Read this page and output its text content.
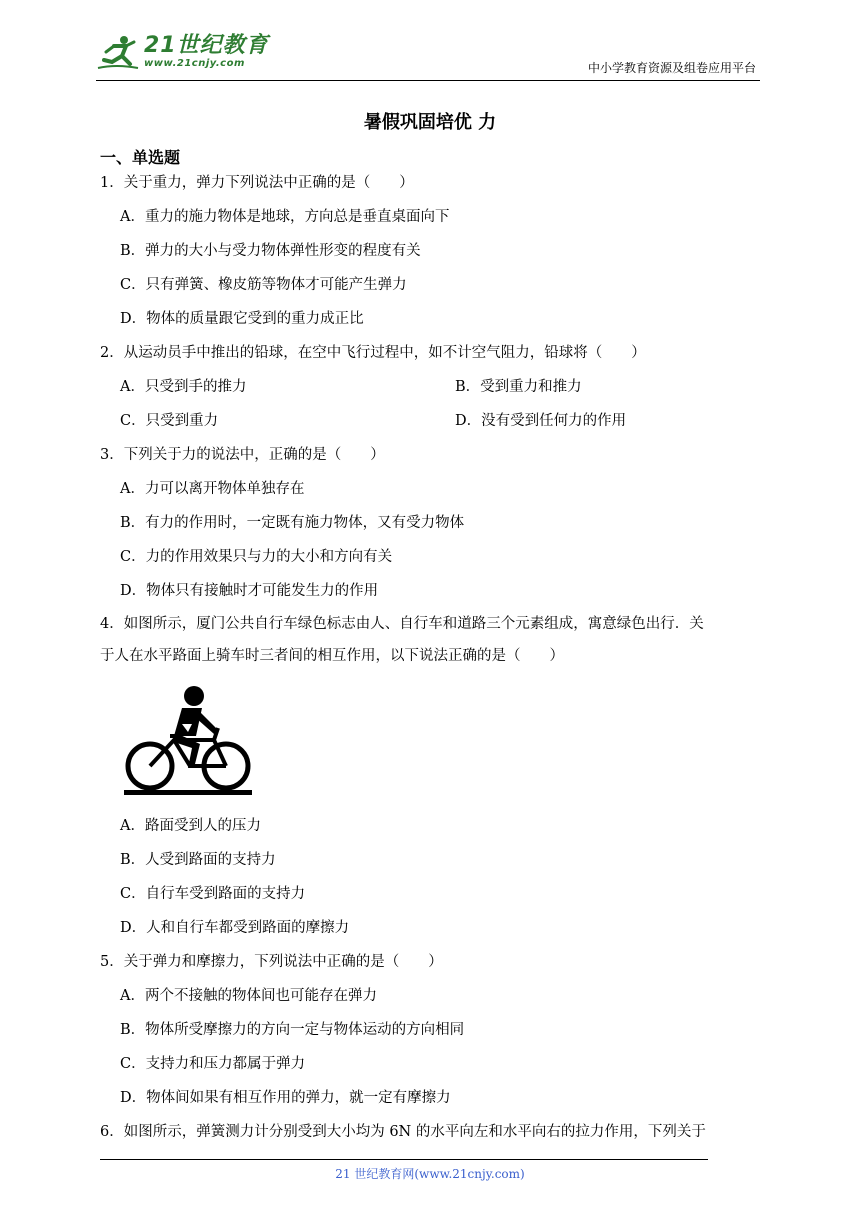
21世纪教育
www.21cnjy.com	中小学教育资源及组卷应用平台
暑假巩固培优 力
一、单选题
1．关于重力，弹力下列说法中正确的是（　　）
A．重力的施力物体是地球，方向总是垂直桌面向下
B．弹力的大小与受力物体弹性形变的程度有关
C．只有弹簧、橡皮筋等物体才可能产生弹力
D．物体的质量跟它受到的重力成正比
2．从运动员手中推出的铅球，在空中飞行过程中，如不计空气阻力，铅球将（　　）
A．只受到手的推力	B．受到重力和推力
C．只受到重力	D．没有受到任何力的作用
3．下列关于力的说法中，正确的是（　　）
A．力可以离开物体单独存在
B．有力的作用时，一定既有施力物体，又有受力物体
C．力的作用效果只与力的大小和方向有关
D．物体只有接触时才可能发生力的作用
4．如图所示，厦门公共自行车绿色标志由人、自行车和道路三个元素组成，寓意绿色出行．关
于人在水平路面上骑车时三者间的相互作用，以下说法正确的是（　　）
A．路面受到人的压力
B．人受到路面的支持力
C．自行车受到路面的支持力
D．人和自行车都受到路面的摩擦力
5．关于弹力和摩擦力，下列说法中正确的是（　　）
A．两个不接触的物体间也可能存在弹力
B．物体所受摩擦力的方向一定与物体运动的方向相同
C．支持力和压力都属于弹力
D．物体间如果有相互作用的弹力，就一定有摩擦力
6．如图所示，弹簧测力计分别受到大小均为 6N 的水平向左和水平向右的拉力作用，下列关于
21 世纪教育网(www.21cnjy.com)
